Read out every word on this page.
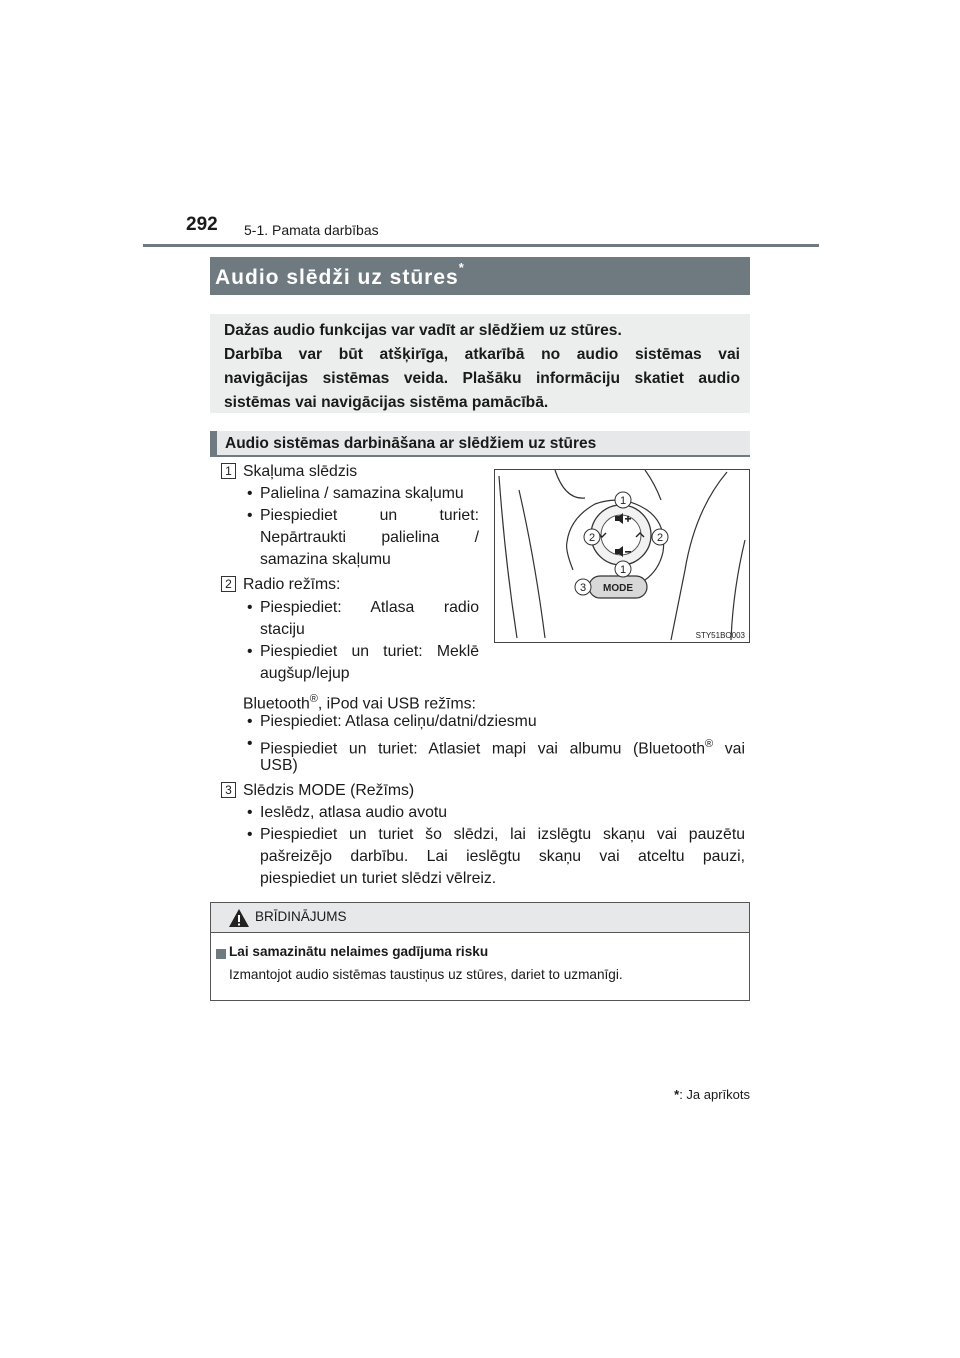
292 5-1. Pamata darbības
Audio slēdži uz stūres*

Dažas audio funkcijas var vadīt ar slēdžiem uz stūres.

Darbība var būt atšķirīga, atkarībā no audio sistēmas vai

navigācijas sistēmas veida. Plašāku informāciju skatiet audio

sistēmas vai navigācijas sistēma pamācībā.

Audio sistēmas darbināšana ar slēdžiem uz stūres
1 Skaļuma slēdzis
• Palielina / samazina skaļumu
• Piespiediet un turiet:
Nepārtraukti palielina /
samazina skaļumu
2 Radio režīms:
• Piespiediet: Atlasa radio
staciju
• Piespiediet un turiet: Meklē
augšup/lejup
Bluetooth®, iPod vai USB režīms:
• Piespiediet: Atlasa celiņu/datni/dziesmu
• Piespiediet un turiet: Atlasiet mapi vai albumu (Bluetooth® vai
USB)
3 Slēdzis MODE (Režīms)
• Ieslēdz, atlasa audio avotu
• Piespiediet un turiet šo slēdzi, lai izslēgtu skaņu vai pauzētu
pašreizējo darbību. Lai ieslēgtu skaņu vai atceltu pauzi,
piespiediet un turiet slēdzi vēlreiz.
MODE
1
2	2
1
3
STY51BO003
BRĪDINĀJUMS
Lai samazinātu nelaimes gadījuma risku
Izmantojot audio sistēmas taustiņus uz stūres, dariet to uzmanīgi.
*: Ja aprīkots
